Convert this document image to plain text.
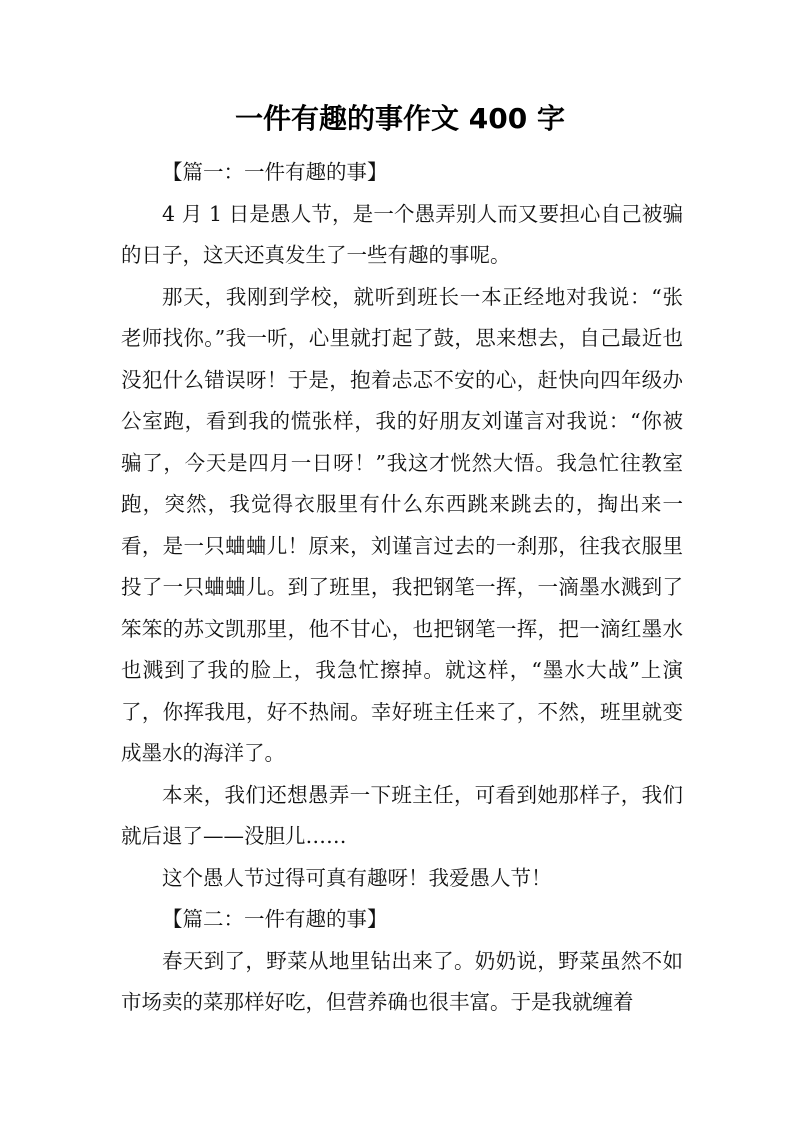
一件有趣的事作文 400 字

【篇一：一件有趣的事】

4 月 1 日是愚人节，是一个愚弄别人而又要担心自己被骗的日子，这天还真发生了一些有趣的事呢。

那天，我刚到学校，就听到班长一本正经地对我说：“张老师找你。”我一听，心里就打起了鼓，思来想去，自己最近也没犯什么错误呀！于是，抱着忐忑不安的心，赶快向四年级办公室跑，看到我的慌张样，我的好朋友刘谨言对我说：“你被骗了，今天是四月一日呀！”我这才恍然大悟。我急忙往教室跑，突然，我觉得衣服里有什么东西跳来跳去的，掏出来一看，是一只蛐蛐儿！原来，刘谨言过去的一刹那，往我衣服里投了一只蛐蛐儿。到了班里，我把钢笔一挥，一滴墨水溅到了笨笨的苏文凯那里，他不甘心，也把钢笔一挥，把一滴红墨水也溅到了我的脸上，我急忙擦掉。就这样，“墨水大战”上演了，你挥我甩，好不热闹。幸好班主任来了，不然，班里就变成墨水的海洋了。

本来，我们还想愚弄一下班主任，可看到她那样子，我们就后退了——没胆儿……

这个愚人节过得可真有趣呀！我爱愚人节！

【篇二：一件有趣的事】

春天到了，野菜从地里钻出来了。奶奶说，野菜虽然不如市场卖的菜那样好吃，但营养确也很丰富。于是我就缠着
